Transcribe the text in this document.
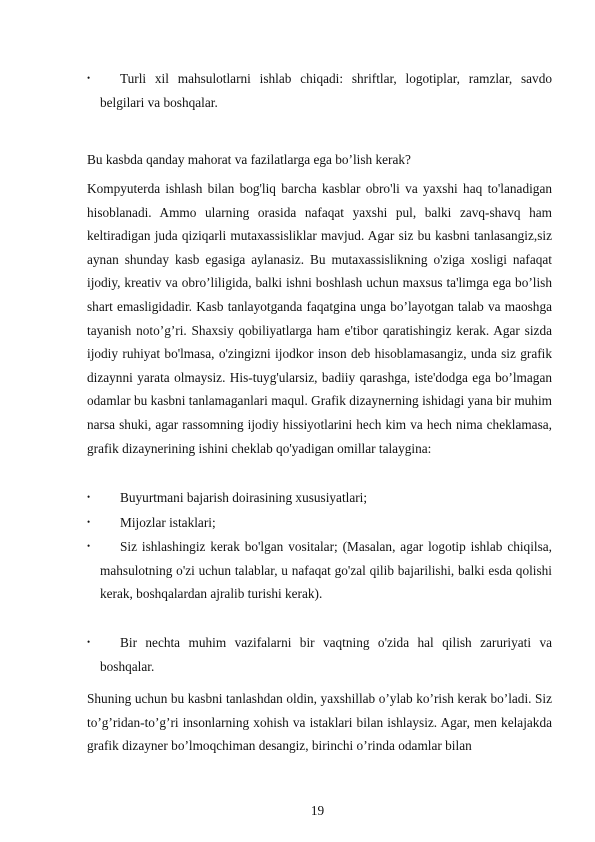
•	Turli xil mahsulotlarni ishlab chiqadi: shriftlar, logotiplar, ramzlar, savdo belgilari va boshqalar.
Bu kasbda qanday mahorat va fazilatlarga ega bo’lish kerak?
Kompyuterda ishlash bilan bog'liq barcha kasblar obro'li va yaxshi haq to'lanadigan hisoblanadi. Ammo ularning orasida nafaqat yaxshi pul, balki zavq-shavq ham keltiradigan juda qiziqarli mutaxassisliklar mavjud. Agar siz bu kasbni tanlasangiz,siz aynan shunday kasb egasiga aylanasiz. Bu mutaxassislikning o'ziga xosligi nafaqat ijodiy, kreativ va obro’liligida, balki ishni boshlash uchun maxsus ta'limga ega bo’lish shart emasligidadir. Kasb tanlayotganda faqatgina unga bo’layotgan talab va maoshga tayanish noto’g’ri. Shaxsiy qobiliyatlarga ham e'tibor qaratishingiz kerak. Agar sizda ijodiy ruhiyat bo'lmasa, o'zingizni ijodkor inson deb hisoblamasangiz, unda siz grafik dizaynni yarata olmaysiz. His-tuyg'ularsiz, badiiy qarashga, iste'dodga ega bo’lmagan odamlar bu kasbni tanlamaganlari maqul. Grafik dizaynerning ishidagi yana bir muhim narsa shuki, agar rassomning ijodiy hissiyotlarini hech kim va hech nima cheklamasa, grafik dizaynerining ishini cheklab qo'yadigan omillar talaygina:
•	Buyurtmani bajarish doirasining xususiyatlari;
•	Mijozlar istaklari;
•	Siz ishlashingiz kerak bo'lgan vositalar; (Masalan, agar logotip ishlab chiqilsa, mahsulotning o'zi uchun talablar, u nafaqat go'zal qilib bajarilishi, balki esda qolishi kerak, boshqalardan ajralib turishi kerak).
•	Bir nechta muhim vazifalarni bir vaqtning o'zida hal qilish zaruriyati va boshqalar.
Shuning uchun bu kasbni tanlashdan oldin, yaxshillab o’ylab ko’rish kerak bo’ladi. Siz to’g’ridan-to’g’ri insonlarning xohish va istaklari bilan ishlaysiz. Agar, men kelajakda grafik dizayner bo’lmoqchiman desangiz, birinchi o’rinda odamlar bilan
19
